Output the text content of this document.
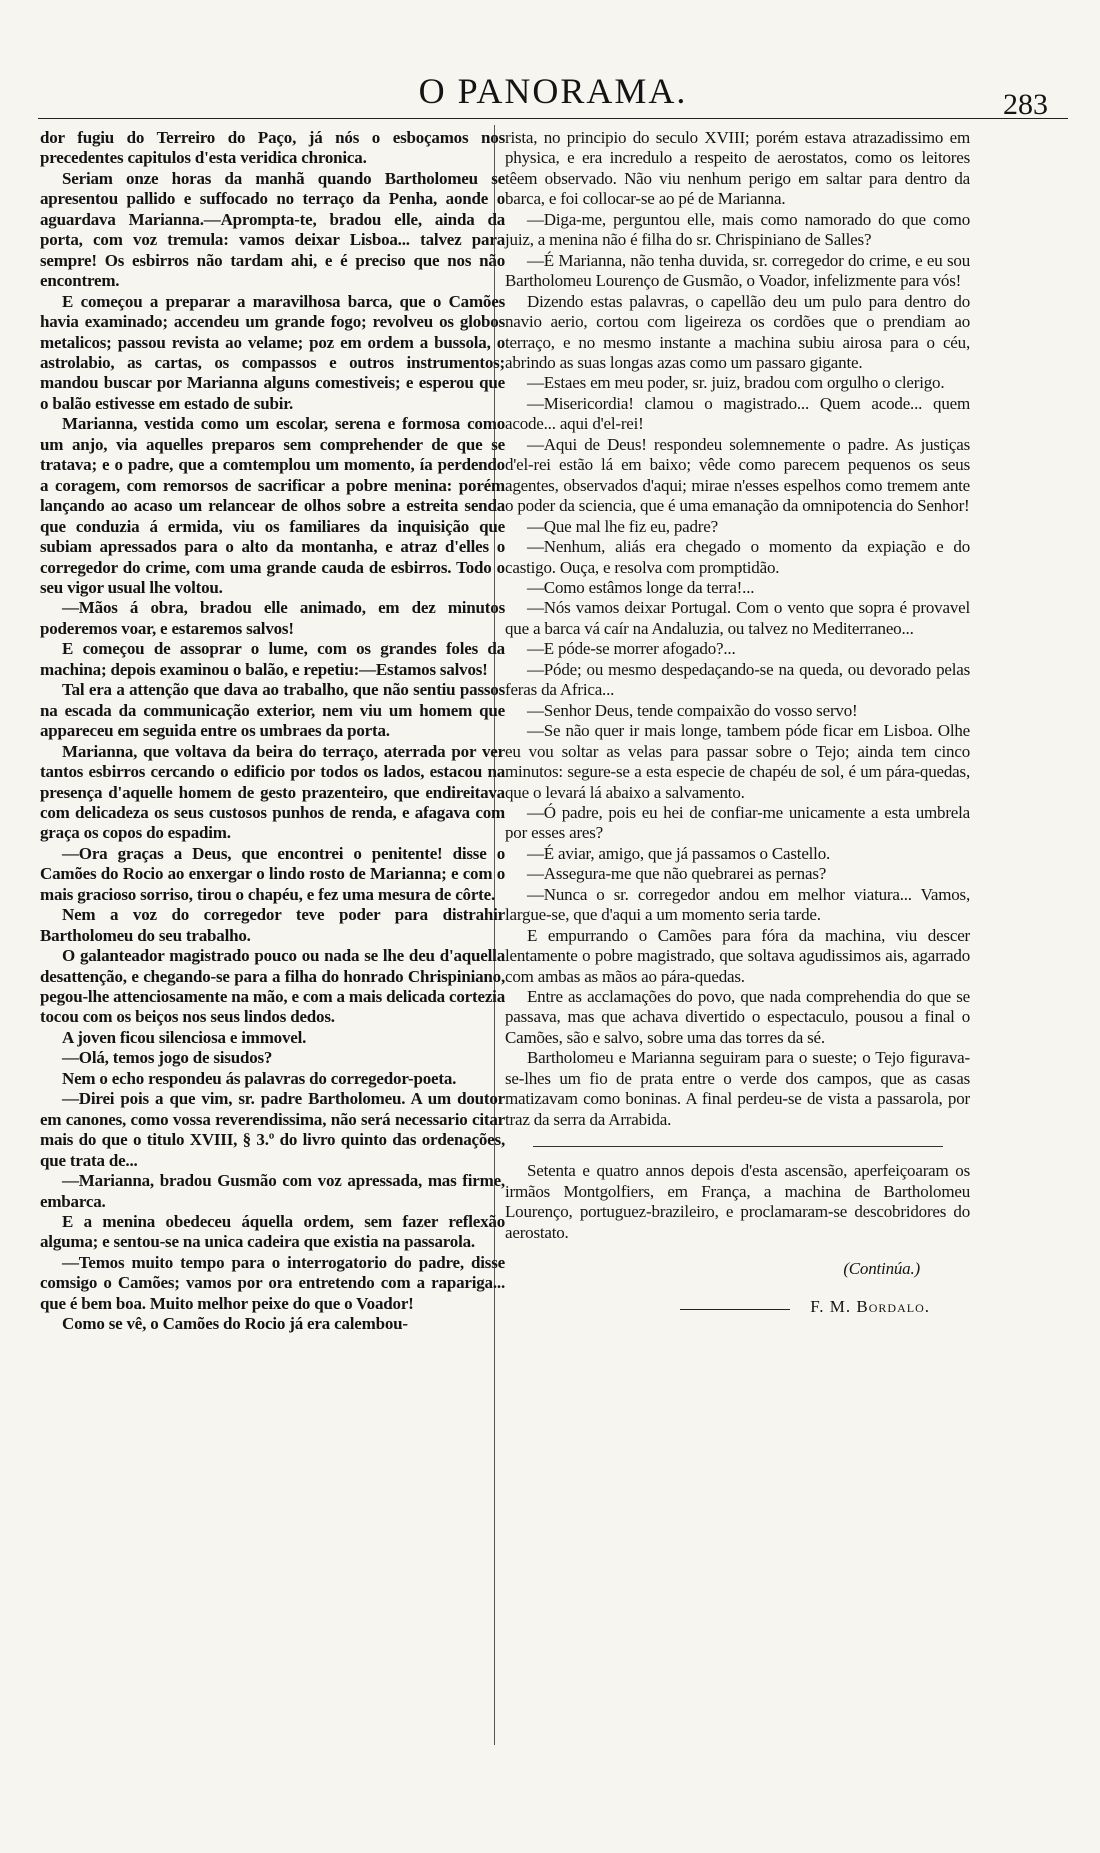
O PANORAMA.	283

dor fugiu do Terreiro do Paço, já nós o esboçamos nos precedentes capitulos d'esta veridica chronica.

Seriam onze horas da manhã quando Bartholomeu se apresentou pallido e suffocado no terraço da Penha, aonde o aguardava Marianna.—Aprompta-te, bradou elle, ainda da porta, com voz tremula: vamos deixar Lisboa... talvez para sempre! Os esbirros não tardam ahi, e é preciso que nos não encontrem.

E começou a preparar a maravilhosa barca, que o Camões havia examinado; accendeu um grande fogo; revolveu os globos metalicos; passou revista ao velame; poz em ordem a bussola, o astrolabio, as cartas, os compassos e outros instrumentos; mandou buscar por Marianna alguns comestiveis; e esperou que o balão estivesse em estado de subir.

Marianna, vestida como um escolar, serena e formosa como um anjo, via aquelles preparos sem comprehender de que se tratava; e o padre, que a comtemplou um momento, ía perdendo a coragem, com remorsos de sacrificar a pobre menina: porém lançando ao acaso um relancear de olhos sobre a estreita senda que conduzia á ermida, viu os familiares da inquisição que subiam apressados para o alto da montanha, e atraz d'elles o corregedor do crime, com uma grande cauda de esbirros. Todo o seu vigor usual lhe voltou.

—Mãos á obra, bradou elle animado, em dez minutos poderemos voar, e estaremos salvos!

E começou de assoprar o lume, com os grandes foles da machina; depois examinou o balão, e repetiu:—Estamos salvos!

Tal era a attenção que dava ao trabalho, que não sentiu passos na escada da communicação exterior, nem viu um homem que appareceu em seguida entre os umbraes da porta.

Marianna, que voltava da beira do terraço, aterrada por ver tantos esbirros cercando o edificio por todos os lados, estacou na presença d'aquelle homem de gesto prazenteiro, que endireitava com delicadeza os seus custosos punhos de renda, e afagava com graça os copos do espadim.

—Ora graças a Deus, que encontrei o penitente! disse o Camões do Rocio ao enxergar o lindo rosto de Marianna; e com o mais gracioso sorriso, tirou o chapéu, e fez uma mesura de côrte.

Nem a voz do corregedor teve poder para distrahir Bartholomeu do seu trabalho.

O galanteador magistrado pouco ou nada se lhe deu d'aquella desattenção, e chegando-se para a filha do honrado Chrispiniano, pegou-lhe attenciosamente na mão, e com a mais delicada cortezia tocou com os beiços nos seus lindos dedos.

A joven ficou silenciosa e immovel.

—Olá, temos jogo de sisudos?

Nem o echo respondeu ás palavras do corregedor-poeta.

—Direi pois a que vim, sr. padre Bartholomeu. A um doutor em canones, como vossa reverendissima, não será necessario citar mais do que o titulo XVIII, § 3.º do livro quinto das ordenações, que trata de...

—Marianna, bradou Gusmão com voz apressada, mas firme, embarca.

E a menina obedeceu áquella ordem, sem fazer reflexão alguma; e sentou-se na unica cadeira que existia na passarola.

—Temos muito tempo para o interrogatorio do padre, disse comsigo o Camões; vamos por ora entretendo com a rapariga... que é bem boa. Muito melhor peixe do que o Voador!

Como se vê, o Camões do Rocio já era calembou-

rista, no principio do seculo XVIII; porém estava atrazadissimo em physica, e era incredulo a respeito de aerostatos, como os leitores têem observado. Não viu nenhum perigo em saltar para dentro da barca, e foi collocar-se ao pé de Marianna.

—Diga-me, perguntou elle, mais como namorado do que como juiz, a menina não é filha do sr. Chrispiniano de Salles?

—É Marianna, não tenha duvida, sr. corregedor do crime, e eu sou Bartholomeu Lourenço de Gusmão, o Voador, infelizmente para vós!

Dizendo estas palavras, o capellão deu um pulo para dentro do navio aerio, cortou com ligeireza os cordões que o prendiam ao terraço, e no mesmo instante a machina subiu airosa para o céu, abrindo as suas longas azas como um passaro gigante.

—Estaes em meu poder, sr. juiz, bradou com orgulho o clerigo.

—Misericordia! clamou o magistrado... Quem acode... quem acode... aqui d'el-rei!

—Aqui de Deus! respondeu solemnemente o padre. As justiças d'el-rei estão lá em baixo; vêde como parecem pequenos os seus agentes, observados d'aqui; mirae n'esses espelhos como tremem ante o poder da sciencia, que é uma emanação da omnipotencia do Senhor!

—Que mal lhe fiz eu, padre?

—Nenhum, aliás era chegado o momento da expiação e do castigo. Ouça, e resolva com promptidão.

—Como estâmos longe da terra!...

—Nós vamos deixar Portugal. Com o vento que sopra é provavel que a barca vá caír na Andaluzia, ou talvez no Mediterraneo...

—E póde-se morrer afogado?...

—Póde; ou mesmo despedaçando-se na queda, ou devorado pelas feras da Africa...

—Senhor Deus, tende compaixão do vosso servo!

—Se não quer ir mais longe, tambem póde ficar em Lisboa. Olhe eu vou soltar as velas para passar sobre o Tejo; ainda tem cinco minutos: segure-se a esta especie de chapéu de sol, é um pára-quedas, que o levará lá abaixo a salvamento.

—Ó padre, pois eu hei de confiar-me unicamente a esta umbrela por esses ares?

—É aviar, amigo, que já passamos o Castello.

—Assegura-me que não quebrarei as pernas?

—Nunca o sr. corregedor andou em melhor viatura... Vamos, largue-se, que d'aqui a um momento seria tarde.

E empurrando o Camões para fóra da machina, viu descer lentamente o pobre magistrado, que soltava agudissimos ais, agarrado com ambas as mãos ao pára-quedas.

Entre as acclamações do povo, que nada comprehendia do que se passava, mas que achava divertido o espectaculo, pousou a final o Camões, são e salvo, sobre uma das torres da sé.

Bartholomeu e Marianna seguiram para o sueste; o Tejo figurava-se-lhes um fio de prata entre o verde dos campos, que as casas matizavam como boninas. A final perdeu-se de vista a passarola, por traz da serra da Arrabida.

Setenta e quatro annos depois d'esta ascensão, aperfeiçoaram os irmãos Montgolfiers, em França, a machina de Bartholomeu Lourenço, portuguez-brazileiro, e proclamaram-se descobridores do aerostato.

(Continúa.)

F. M. Bordalo.
